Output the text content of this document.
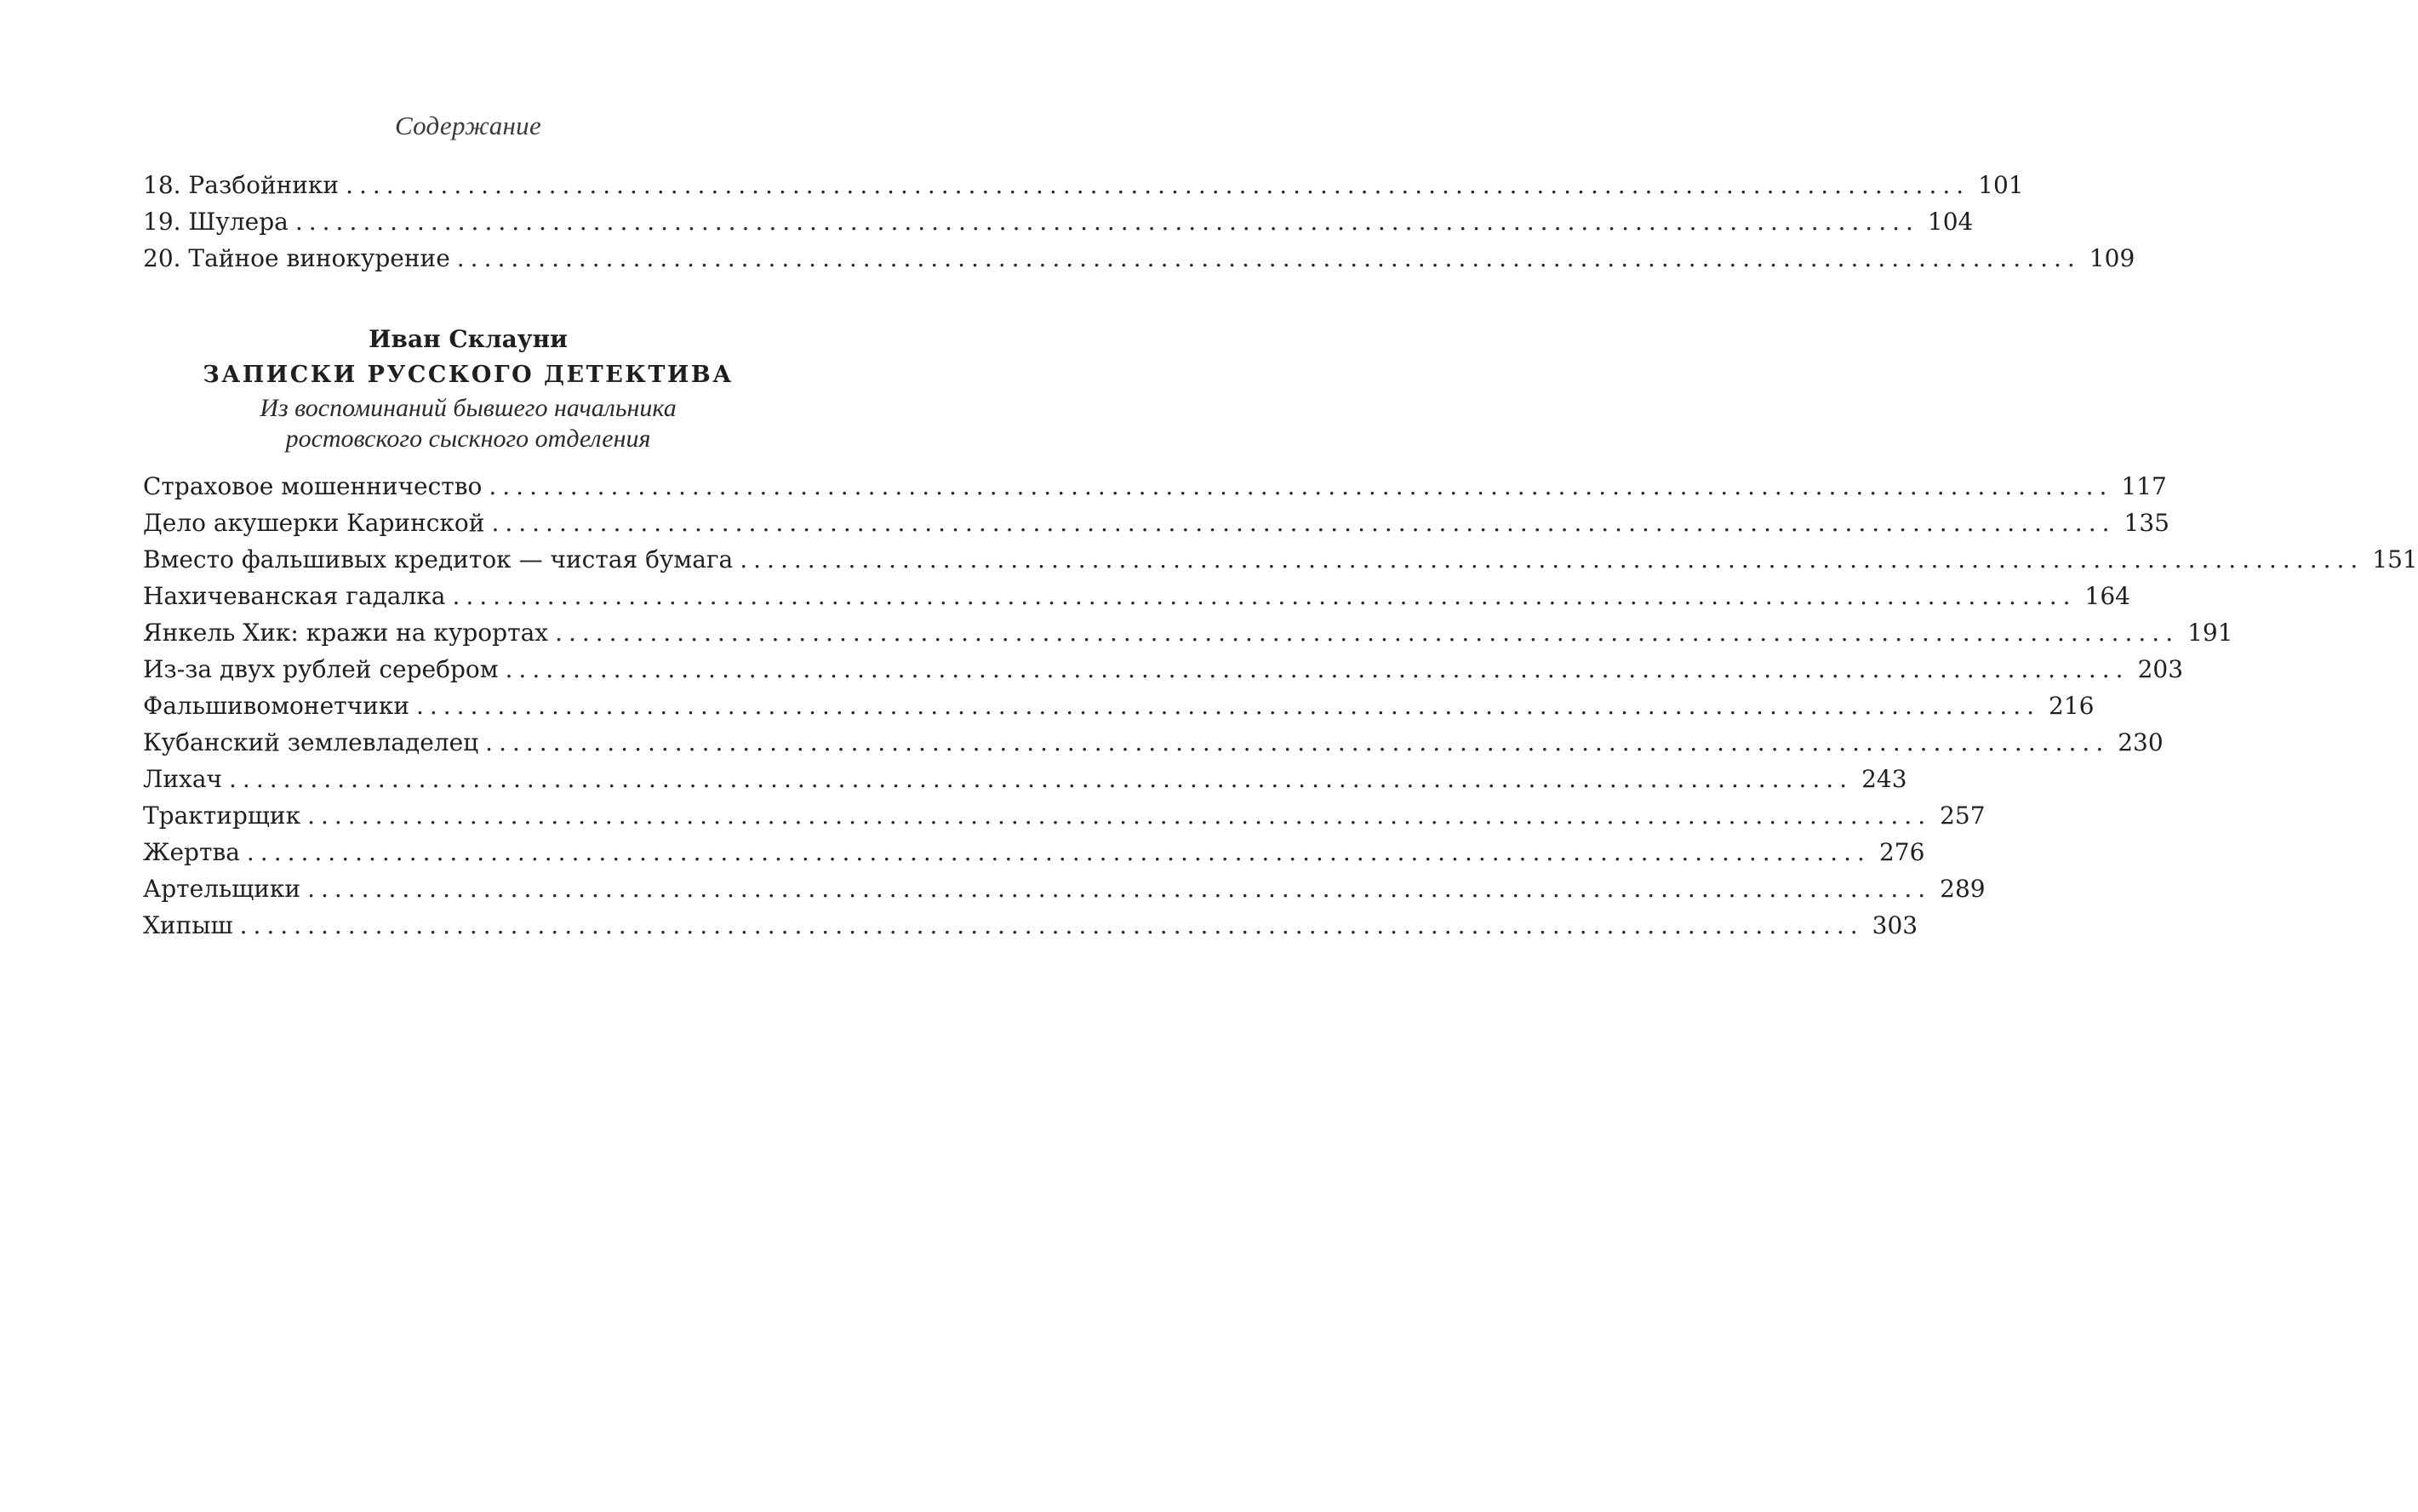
Содержание
18. Разбойники ........................................................................................................................ 101
19. Шулера ........................................................................................................................ 104
20. Тайное винокурение ........................................................................................................................ 109
Иван Склауни
ЗАПИСКИ РУССКОГО ДЕТЕКТИВА
Из воспоминаний бывшего начальника
ростовского сыскного отделения
Страховое мошенничество ........................................................................................................................ 117
Дело акушерки Каринской ........................................................................................................................ 135
Вместо фальшивых кредиток — чистая бумага ........................................................................................................................ 151
Нахичеванская гадалка ........................................................................................................................ 164
Янкель Хик: кражи на курортах ........................................................................................................................ 191
Из-за двух рублей серебром ........................................................................................................................ 203
Фальшивомонетчики ........................................................................................................................ 216
Кубанский землевладелец ........................................................................................................................ 230
Лихач ........................................................................................................................ 243
Трактирщик ........................................................................................................................ 257
Жертва ........................................................................................................................ 276
Артельщики ........................................................................................................................ 289
Хипыш ........................................................................................................................ 303
